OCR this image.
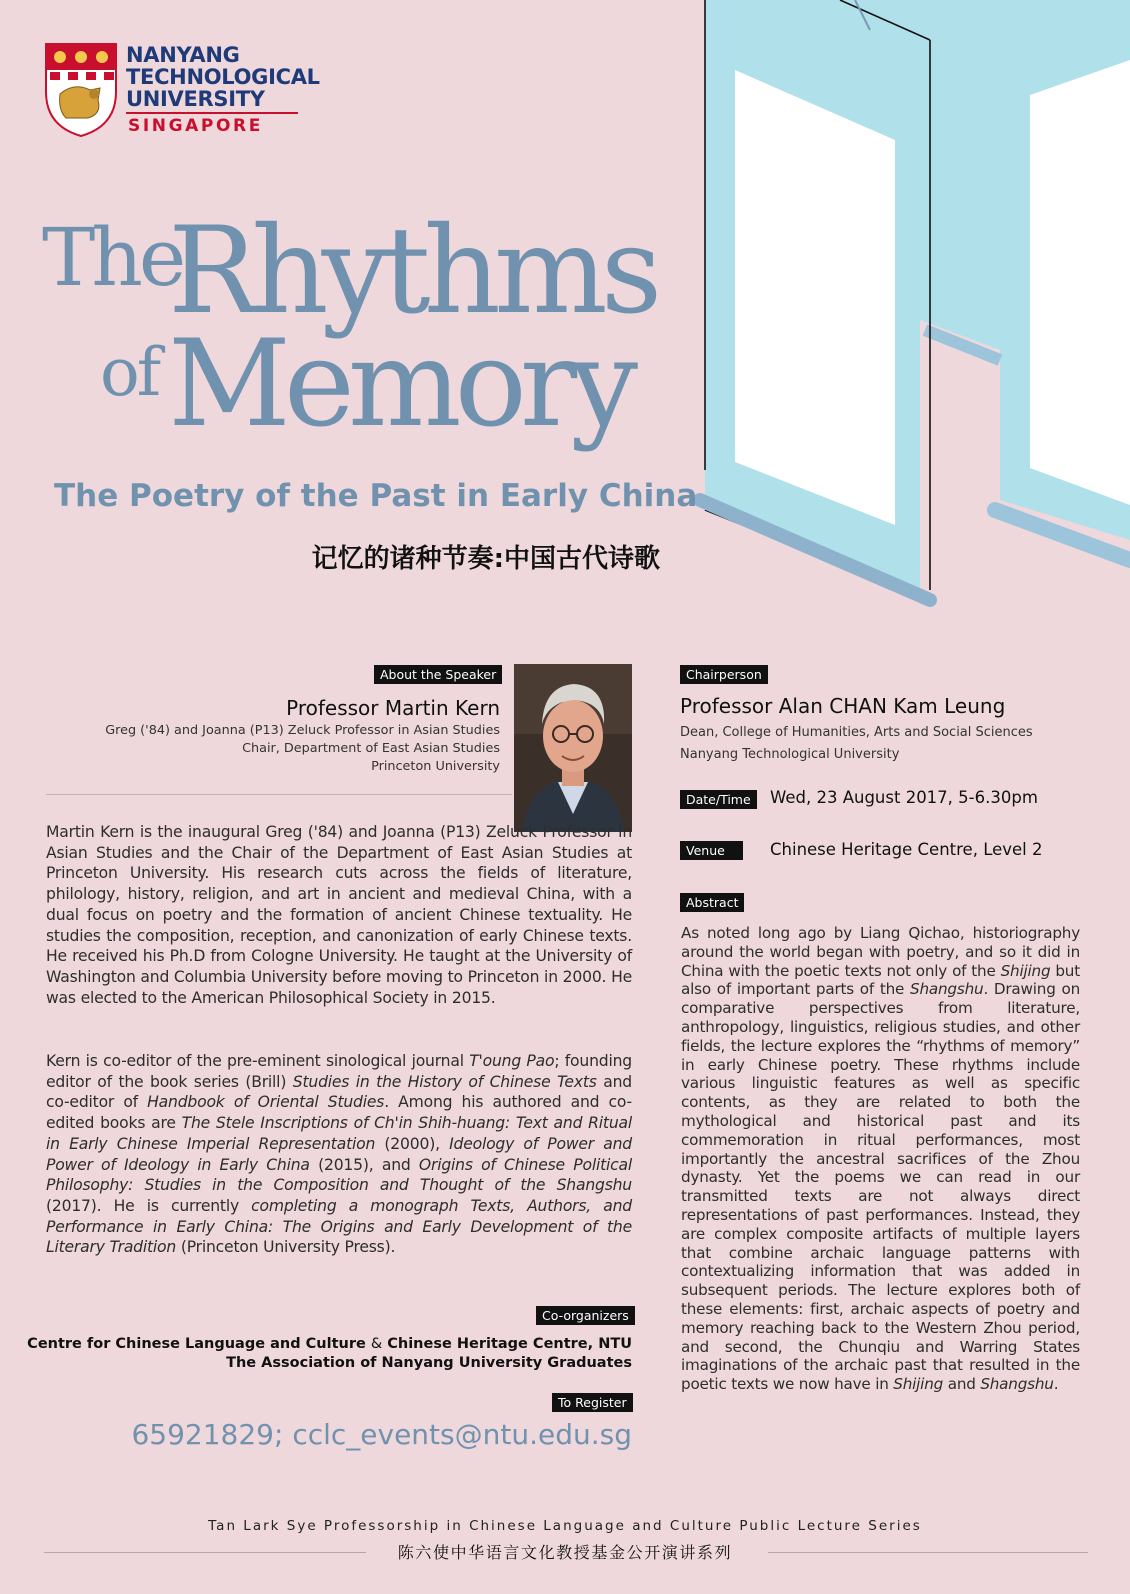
NANYANG
TECHNOLOGICAL
UNIVERSITY
SINGAPORE
The
Rhythms
of Memory
The Poetry of the Past in Early China
记忆的诸种节奏:中国古代诗歌
About the Speaker
Professor Martin Kern
Greg ('84) and Joanna (P13) Zeluck Professor in Asian Studies
Chair, Department of East Asian Studies
Princeton University
Martin Kern is the inaugural Greg ('84) and Joanna (P13) Zeluck Professor in Asian Studies and the Chair of the Department of East Asian Studies at Princeton University. His research cuts across the fields of literature, philology, history, religion, and art in ancient and medieval China, with a dual focus on poetry and the formation of ancient Chinese textuality. He studies the composition, reception, and canonization of early Chinese texts. He received his Ph.D from Cologne University. He taught at the University of Washington and Columbia University before moving to Princeton in 2000. He was elected to the American Philosophical Society in 2015.
Kern is co-editor of the pre-eminent sinological journal T'oung Pao; founding editor of the book series (Brill) Studies in the History of Chinese Texts and co-editor of Handbook of Oriental Studies. Among his authored and co-edited books are The Stele Inscriptions of Ch'in Shih-huang: Text and Ritual in Early Chinese Imperial Representation (2000), Ideology of Power and Power of Ideology in Early China (2015), and Origins of Chinese Political Philosophy: Studies in the Composition and Thought of the Shangshu (2017). He is currently completing a monograph Texts, Authors, and Performance in Early China: The Origins and Early Development of the Literary Tradition (Princeton University Press).
Chairperson
Professor Alan CHAN Kam Leung
Dean, College of Humanities, Arts and Social Sciences
Nanyang Technological University
Date/Time	Wed, 23 August 2017, 5-6.30pm
Venue	Chinese Heritage Centre, Level 2
Abstract
As noted long ago by Liang Qichao, historiography around the world began with poetry, and so it did in China with the poetic texts not only of the Shijing but also of important parts of the Shangshu. Drawing on comparative perspectives from literature, anthropology, linguistics, religious studies, and other fields, the lecture explores the “rhythms of memory” in early Chinese poetry. These rhythms include various linguistic features as well as specific contents, as they are related to both the mythological and historical past and its commemoration in ritual performances, most importantly the ancestral sacrifices of the Zhou dynasty. Yet the poems we can read in our transmitted texts are not always direct representations of past performances. Instead, they are complex composite artifacts of multiple layers that combine archaic language patterns with contextualizing information that was added in subsequent periods. The lecture explores both of these elements: first, archaic aspects of poetry and memory reaching back to the Western Zhou period, and second, the Chunqiu and Warring States imaginations of the archaic past that resulted in the poetic texts we now have in Shijing and Shangshu.
Co-organizers
Centre for Chinese Language and Culture & Chinese Heritage Centre, NTU
The Association of Nanyang University Graduates
To Register
65921829; cclc_events@ntu.edu.sg
Tan Lark Sye Professorship in Chinese Language and Culture Public Lecture Series
陈六使中华语言文化教授基金公开演讲系列
